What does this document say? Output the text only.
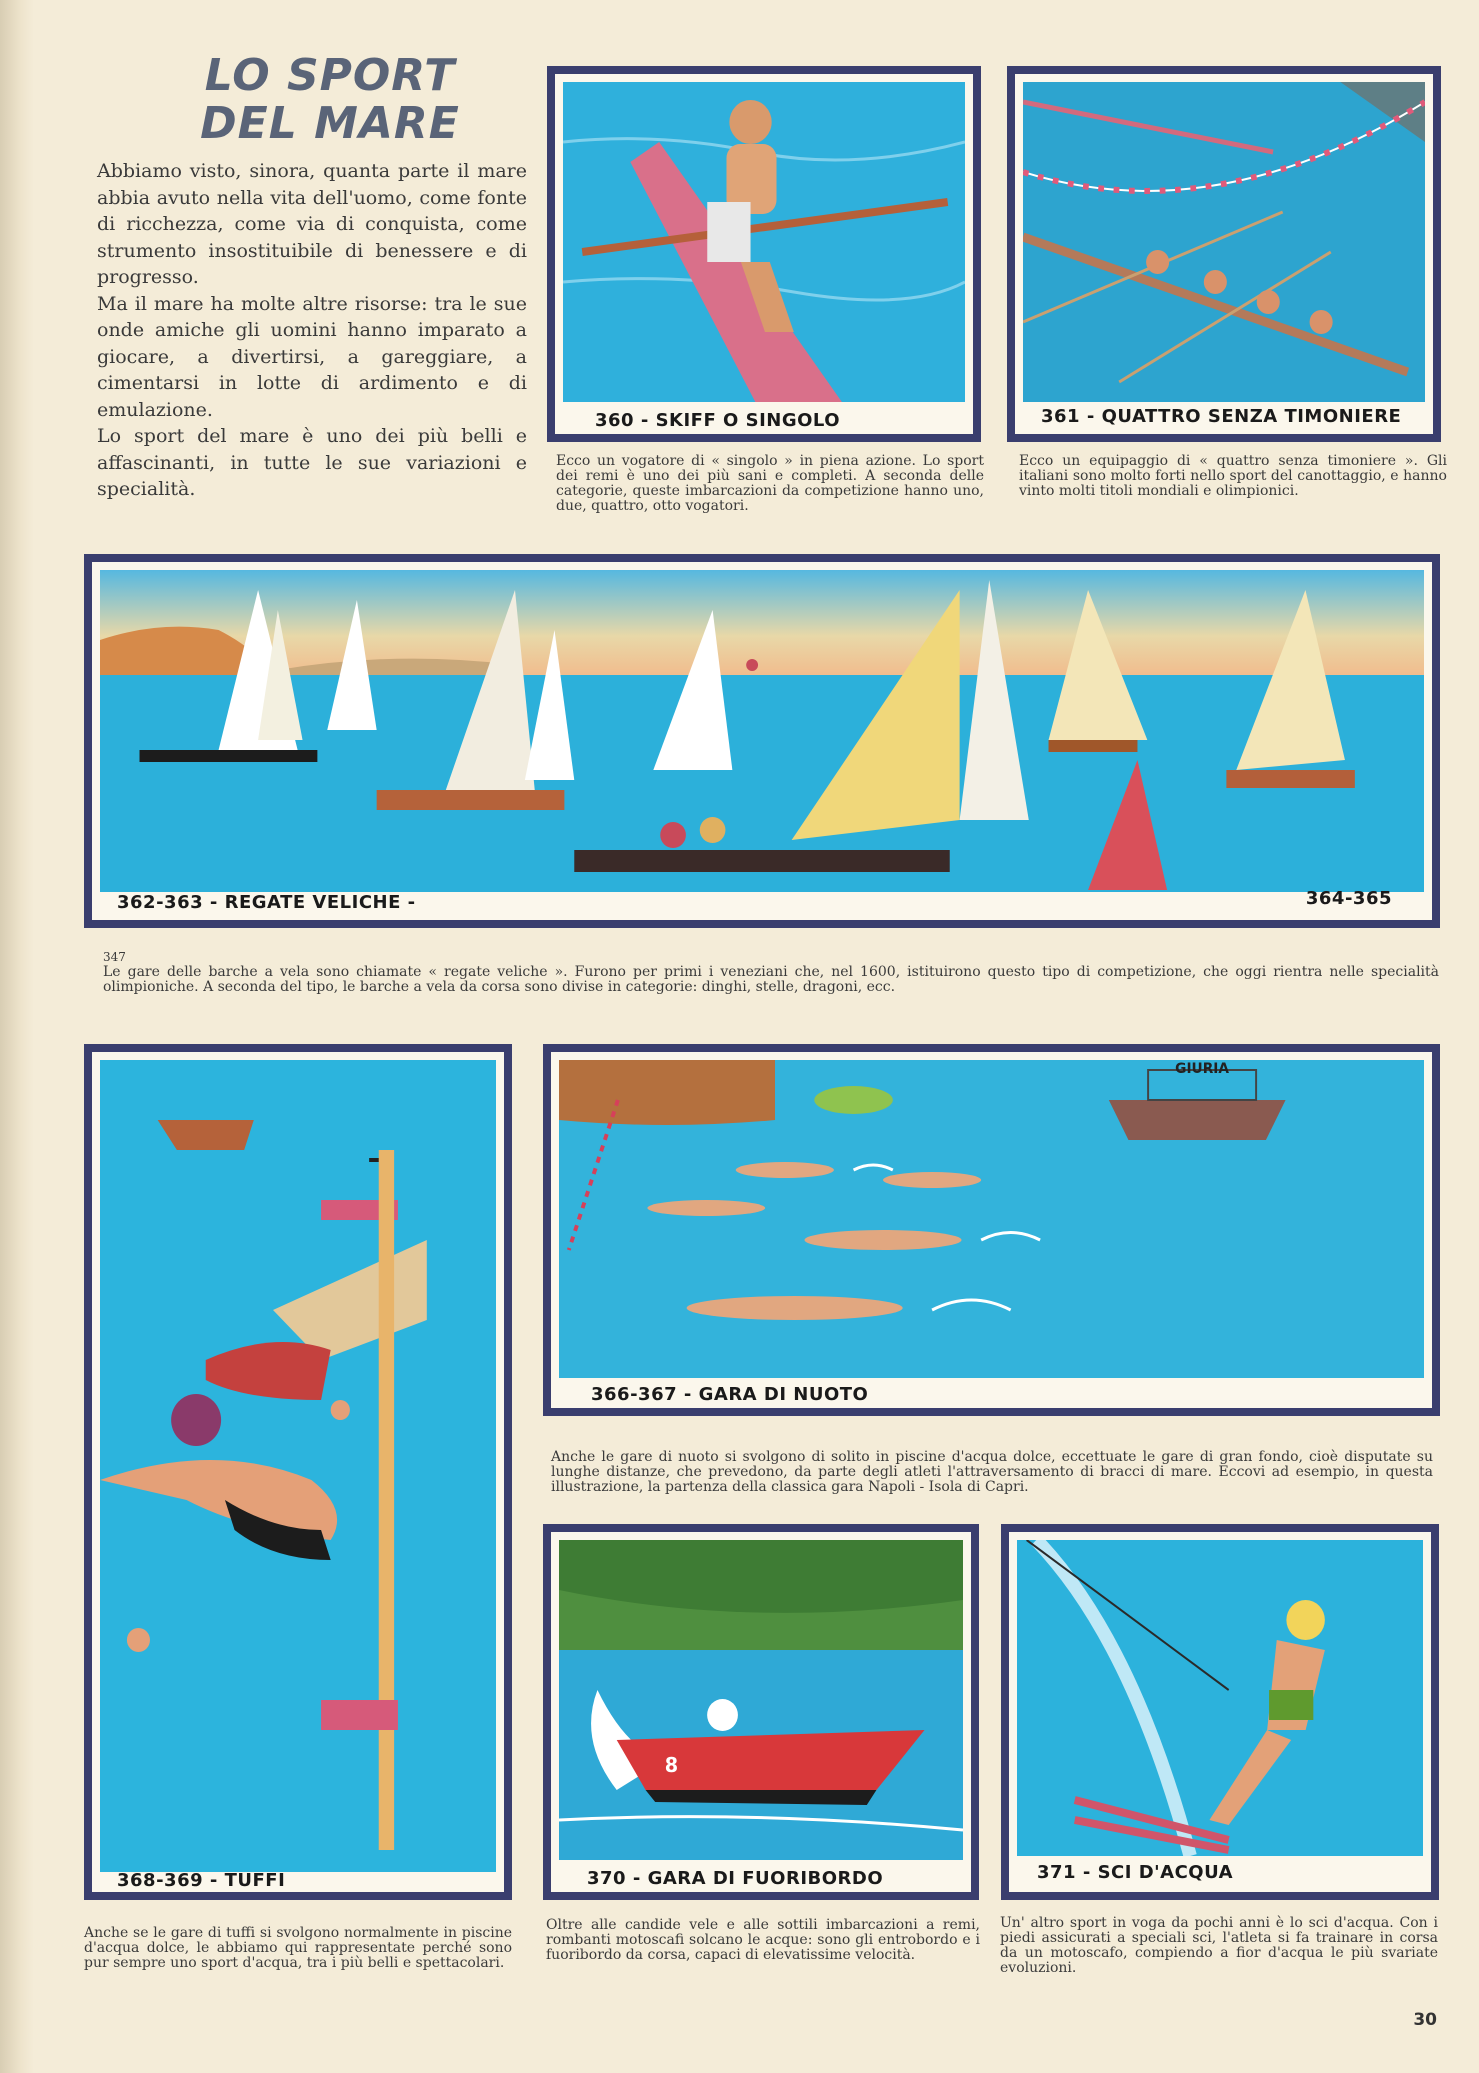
LO SPORT
DEL MARE

Abbiamo visto, sinora, quanta parte il mare abbia avuto nella vita dell'uomo, come fonte di ricchezza, come via di conquista, come strumento insostituibile di benessere e di progresso.

Ma il mare ha molte altre risorse: tra le sue onde amiche gli uomini hanno imparato a giocare, a divertirsi, a gareggiare, a cimentarsi in lotte di ardimento e di emulazione.

Lo sport del mare è uno dei più belli e affascinanti, in tutte le sue variazioni e specialità.

360 - SKIFF O SINGOLO
Ecco un vogatore di « singolo » in piena azione. Lo sport dei remi è uno dei più sani e completi. A seconda delle categorie, queste imbarcazioni da competizione hanno uno, due, quattro, otto vogatori.
361 - QUATTRO SENZA TIMONIERE
Ecco un equipaggio di « quattro senza timoniere ». Gli italiani sono molto forti nello sport del canottaggio, e hanno vinto molti titoli mondiali e olimpionici.
362-363 - REGATE VELICHE -	364-365
347
Le gare delle barche a vela sono chiamate « regate veliche ». Furono per primi i veneziani che, nel 1600, istituirono questo tipo di competizione, che oggi rientra nelle specialità olimpioniche. A seconda del tipo, le barche a vela da corsa sono divise in categorie: dinghi, stelle, dragoni, ecc.
GIURIA
366-367 - GARA DI NUOTO
Anche le gare di nuoto si svolgono di solito in piscine d'acqua dolce, eccettuate le gare di gran fondo, cioè disputate su lunghe distanze, che prevedono, da parte degli atleti l'attraversamento di bracci di mare. Eccovi ad esempio, in questa illustrazione, la partenza della classica gara Napoli - Isola di Capri.
368-369 - TUFFI
Anche se le gare di tuffi si svolgono normalmente in piscine d'acqua dolce, le abbiamo qui rappresentate perché sono pur sempre uno sport d'acqua, tra i più belli e spettacolari.
8
370 - GARA DI FUORIBORDO
Oltre alle candide vele e alle sottili imbarcazioni a remi, rombanti motoscafi solcano le acque: sono gli entrobordo e i fuoribordo da corsa, capaci di elevatissime velocità.
371 - SCI D'ACQUA
Un' altro sport in voga da pochi anni è lo sci d'acqua. Con i piedi assicurati a speciali sci, l'atleta si fa trainare in corsa da un motoscafo, compiendo a fior d'acqua le più svariate evoluzioni.
30
